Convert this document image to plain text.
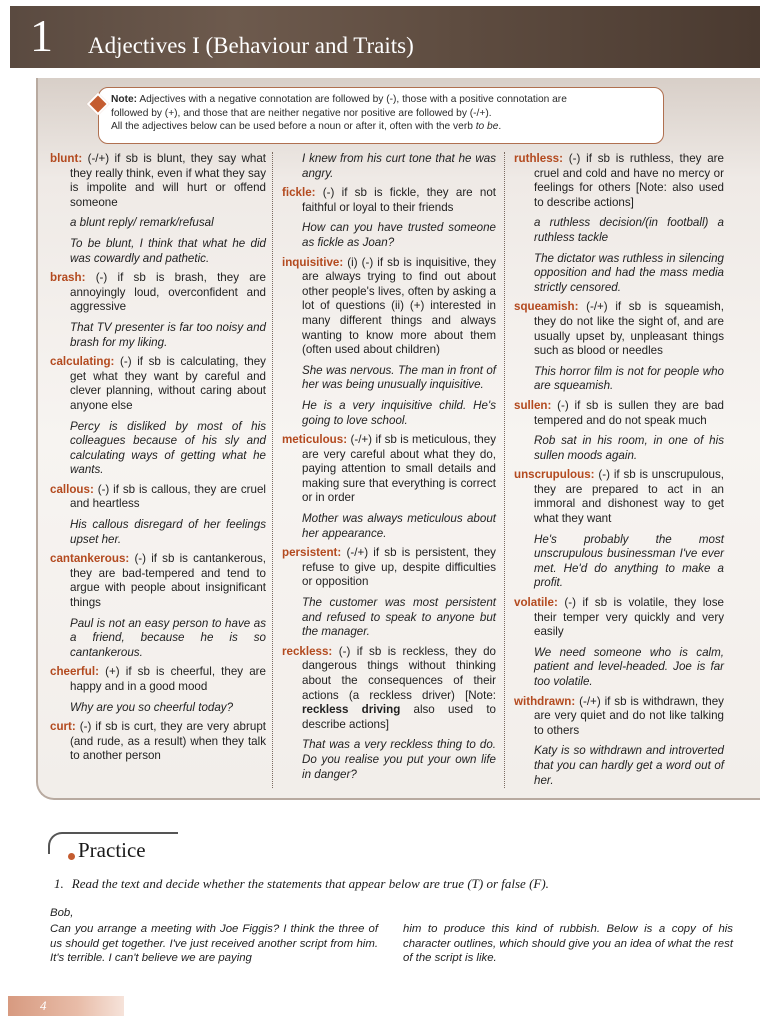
1 Adjectives I (Behaviour and Traits)
Note: Adjectives with a negative connotation are followed by (-), those with a positive connotation are
followed by (+), and those that are neither negative nor positive are followed by (-/+).
All the adjectives below can be used before a noun or after it, often with the verb to be.
blunt: (-/+) if sb is blunt, they say what they really think, even if what they say is impolite and will hurt or offend someone
a blunt reply/ remark/refusal
To be blunt, I think that what he did was cowardly and pathetic.
brash: (-) if sb is brash, they are annoyingly loud, overconfident and aggressive
That TV presenter is far too noisy and brash for my liking.
calculating: (-) if sb is calculating, they get what they want by careful and clever planning, without caring about anyone else
Percy is disliked by most of his colleagues because of his sly and calculating ways of getting what he wants.
callous: (-) if sb is callous, they are cruel and heartless
His callous disregard of her feelings upset her.
cantankerous: (-) if sb is cantankerous, they are bad-tempered and tend to argue with people about insignificant things
Paul is not an easy person to have as a friend, because he is so cantankerous.
cheerful: (+) if sb is cheerful, they are happy and in a good mood
Why are you so cheerful today?
curt: (-) if sb is curt, they are very abrupt (and rude, as a result) when they talk to another person
I knew from his curt tone that he was angry.
fickle: (-) if sb is fickle, they are not faithful or loyal to their friends
How can you have trusted someone as fickle as Joan?
inquisitive: (i) (-) if sb is inquisitive, they are always trying to find out about other people's lives, often by asking a lot of questions (ii) (+) interested in many different things and always wanting to know more about them (often used about children)
She was nervous. The man in front of her was being unusually inquisitive.
He is a very inquisitive child. He's going to love school.
meticulous: (-/+) if sb is meticulous, they are very careful about what they do, paying attention to small details and making sure that everything is correct or in order
Mother was always meticulous about her appearance.
persistent: (-/+) if sb is persistent, they refuse to give up, despite difficulties or opposition
The customer was most persistent and refused to speak to anyone but the manager.
reckless: (-) if sb is reckless, they do dangerous things without thinking about the consequences of their actions (a reckless driver) [Note: reckless driving also used to describe actions]
That was a very reckless thing to do. Do you realise you put your own life in danger?
ruthless: (-) if sb is ruthless, they are cruel and cold and have no mercy or feelings for others [Note: also used to describe actions]
a ruthless decision/(in football) a ruthless tackle
The dictator was ruthless in silencing opposition and had the mass media strictly censored.
squeamish: (-/+) if sb is squeamish, they do not like the sight of, and are usually upset by, unpleasant things such as blood or needles
This horror film is not for people who are squeamish.
sullen: (-) if sb is sullen they are bad tempered and do not speak much
Rob sat in his room, in one of his sullen moods again.
unscrupulous: (-) if sb is unscrupulous, they are prepared to act in an immoral and dishonest way to get what they want
He's probably the most unscrupulous businessman I've ever met. He'd do anything to make a profit.
volatile: (-) if sb is volatile, they lose their temper very quickly and very easily
We need someone who is calm, patient and level-headed. Joe is far too volatile.
withdrawn: (-/+) if sb is withdrawn, they are very quiet and do not like talking to others
Katy is so withdrawn and introverted that you can hardly get a word out of her.
Practice
1. Read the text and decide whether the statements that appear below are true (T) or false (F).
Bob,
Can you arrange a meeting with Joe Figgis? I think the three of us should get together. I've just received another script from him. It's terrible. I can't believe we are paying
him to produce this kind of rubbish. Below is a copy of his character outlines, which should give you an idea of what the rest of the script is like.
4
